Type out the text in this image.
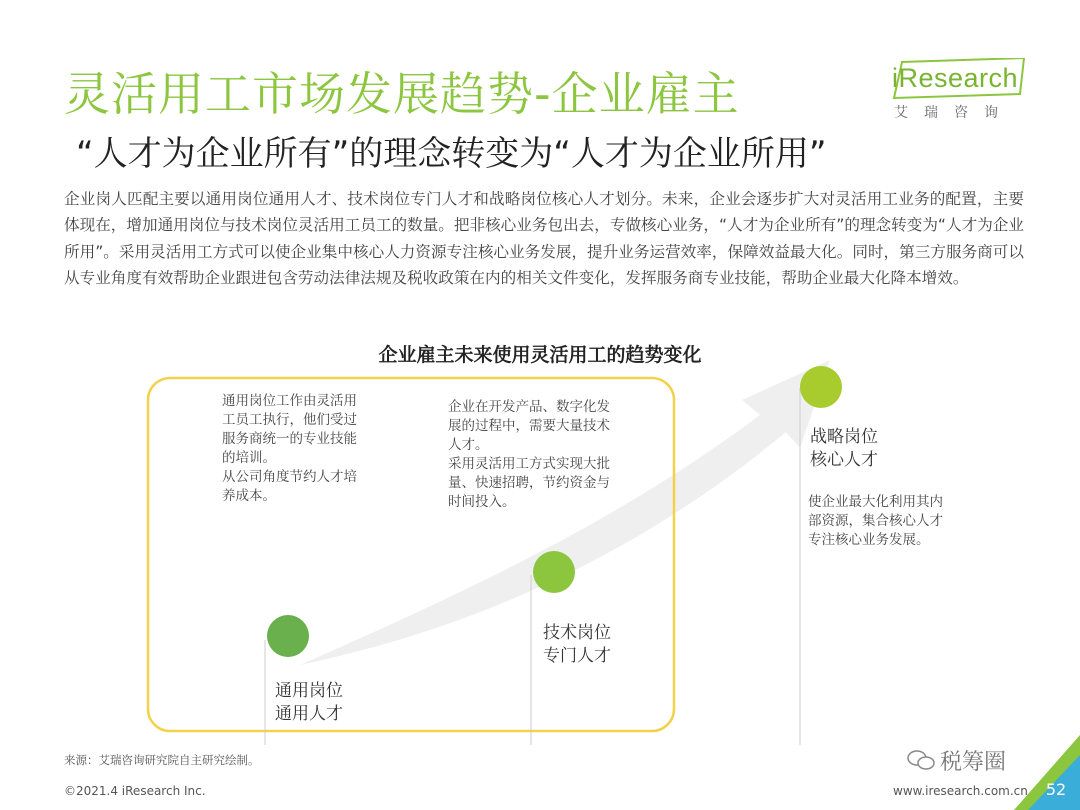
灵活用工市场发展趋势-企业雇主
“人才为企业所有”的理念转变为“人才为企业所用”
iResearch
艾瑞咨询
企业岗人匹配主要以通用岗位通用人才、技术岗位专门人才和战略岗位核心人才划分。未来，企业会逐步扩大对灵活用工业务的配置，主要体现在，增加通用岗位与技术岗位灵活用工员工的数量。把非核心业务包出去，专做核心业务，“人才为企业所有”的理念转变为“人才为企业所用”。采用灵活用工方式可以使企业集中核心人力资源专注核心业务发展，提升业务运营效率，保障效益最大化。同时，第三方服务商可以从专业角度有效帮助企业跟进包含劳动法律法规及税收政策在内的相关文件变化，发挥服务商专业技能，帮助企业最大化降本增效。
企业雇主未来使用灵活用工的趋势变化
通用岗位工作由灵活用
工员工执行，他们受过
服务商统一的专业技能
的培训。
从公司角度节约人才培
养成本。
通用岗位
通用人才
企业在开发产品、数字化发
展的过程中，需要大量技术
人才。
采用灵活用工方式实现大批
量、快速招聘，节约资金与
时间投入。
技术岗位
专门人才
战略岗位
核心人才
使企业最大化利用其内
部资源，集合核心人才
专注核心业务发展。
来源：艾瑞咨询研究院自主研究绘制。
©2021.4 iResearch Inc.	www.iresearch.com.cn
税筹圈
52
